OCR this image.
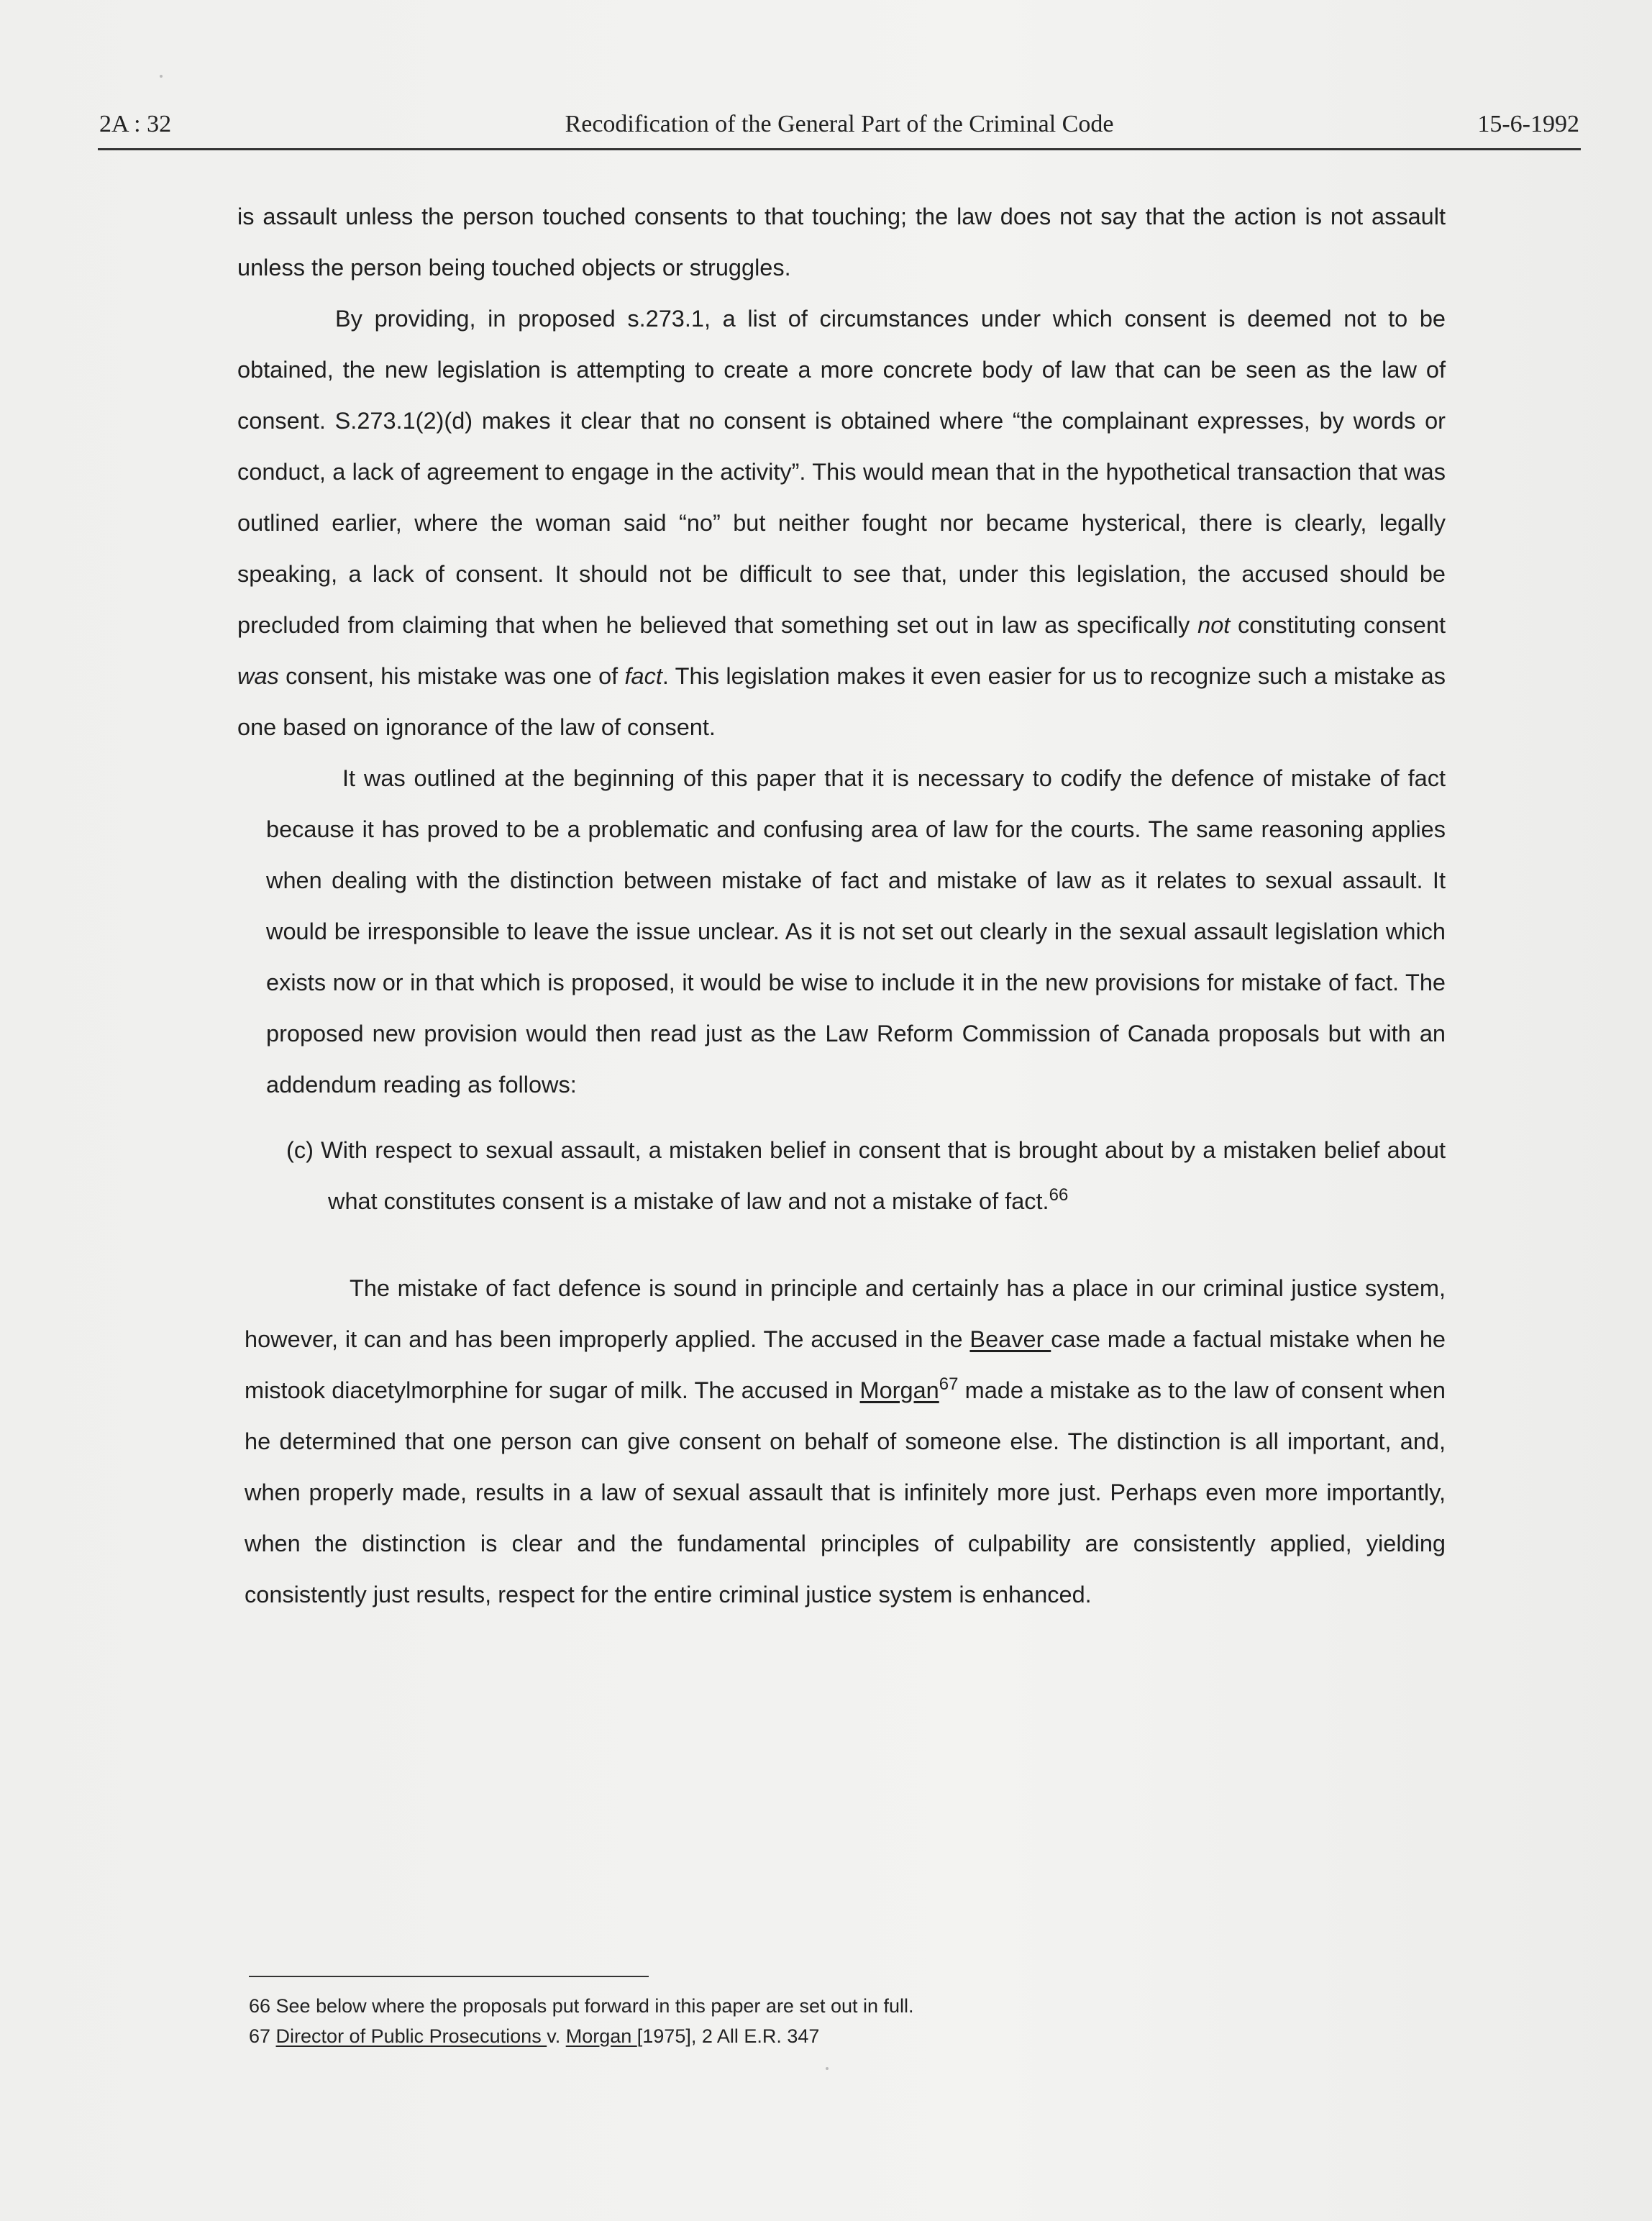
2A : 32	Recodification of the General Part of the Criminal Code	15-6-1992

is assault unless the person touched consents to that touching; the law does not say that the action is not assault unless the person being touched objects or struggles.

By providing, in proposed s.273.1, a list of circumstances under which consent is deemed not to be obtained, the new legislation is attempting to create a more concrete body of law that can be seen as the law of consent. S.273.1(2)(d) makes it clear that no consent is obtained where “the complainant expresses, by words or conduct, a lack of agreement to engage in the activity”. This would mean that in the hypothetical transaction that was outlined earlier, where the woman said “no” but neither fought nor became hysterical, there is clearly, legally speaking, a lack of consent. It should not be difficult to see that, under this legislation, the accused should be precluded from claiming that when he believed that something set out in law as specifically not constituting consent was consent, his mistake was one of fact. This legislation makes it even easier for us to recognize such a mistake as one based on ignorance of the law of consent.

It was outlined at the beginning of this paper that it is necessary to codify the defence of mistake of fact because it has proved to be a problematic and confusing area of law for the courts. The same reasoning applies when dealing with the distinction between mistake of fact and mistake of law as it relates to sexual assault. It would be irresponsible to leave the issue unclear. As it is not set out clearly in the sexual assault legislation which exists now or in that which is proposed, it would be wise to include it in the new provisions for mistake of fact. The proposed new provision would then read just as the Law Reform Commission of Canada proposals but with an addendum reading as follows:

(c) With respect to sexual assault, a mistaken belief in consent that is brought about by a mistaken belief about what constitutes consent is a mistake of law and not a mistake of fact.$^{66}$

The mistake of fact defence is sound in principle and certainly has a place in our criminal justice system, however, it can and has been improperly applied. The accused in the Beaver case made a factual mistake when he mistook diacetylmorphine for sugar of milk. The accused in Morgan$^{67}$ made a mistake as to the law of consent when he determined that one person can give consent on behalf of someone else. The distinction is all important, and, when properly made, results in a law of sexual assault that is infinitely more just. Perhaps even more importantly, when the distinction is clear and the fundamental principles of culpability are consistently applied, yielding consistently just results, respect for the entire criminal justice system is enhanced.

66 See below where the proposals put forward in this paper are set out in full.
67 Director of Public Prosecutions v. Morgan [1975], 2 All E.R. 347
